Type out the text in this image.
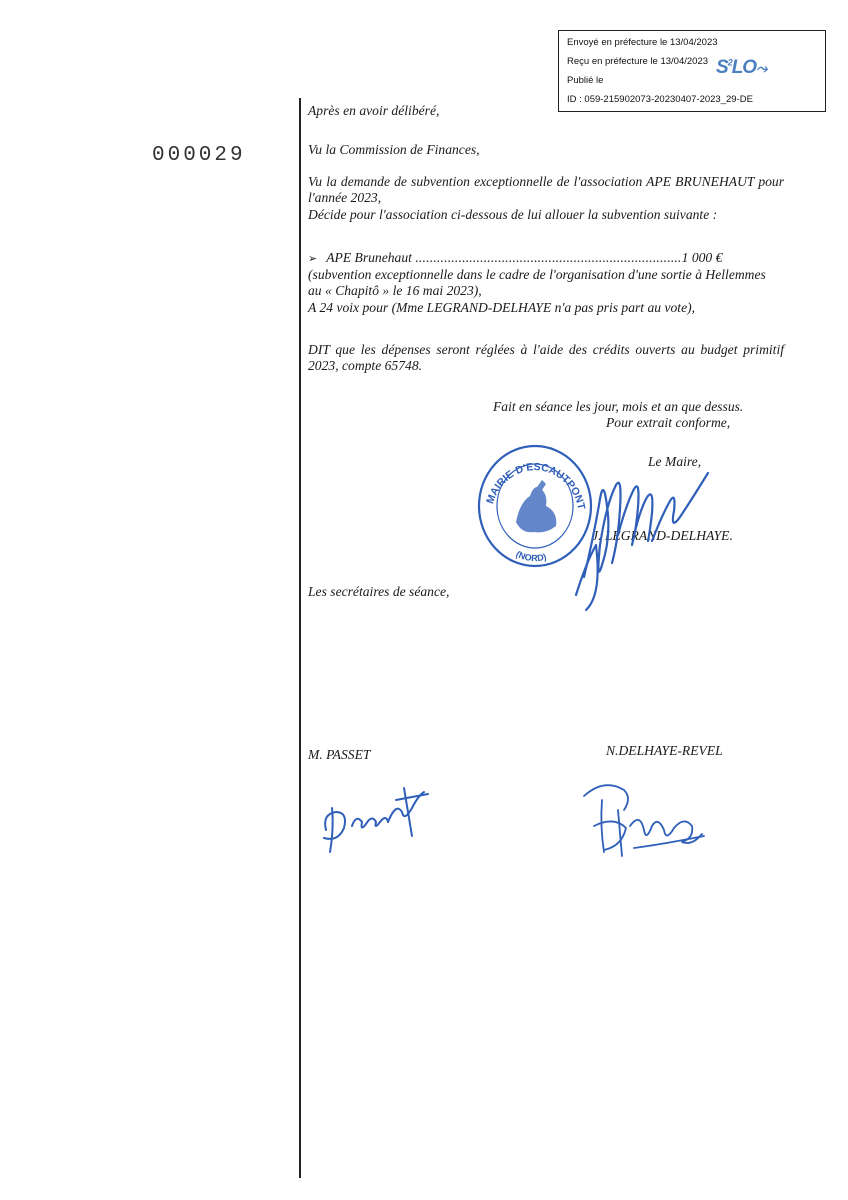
Envoyé en préfecture le 13/04/2023
Reçu en préfecture le 13/04/2023
Publié le
ID : 059-215902073-20230407-2023_29-DE
$S^2LO⤳$
000029
Après en avoir délibéré,
Vu la Commission de Finances,
Vu la demande de subvention exceptionnelle de l'association APE BRUNEHAUT pour l'année 2023,
Décide pour l'association ci-dessous de lui allouer la subvention suivante :
➢ APE Brunehaut ..........................................................................1 000 €
(subvention exceptionnelle dans le cadre de l'organisation d'une sortie à Hellemmes au « Chapitô » le 16 mai 2023),
A 24 voix pour (Mme LEGRAND-DELHAYE n'a pas pris part au vote),
DIT que les dépenses seront réglées à l'aide des crédits ouverts au budget primitif 2023, compte 65748.
Fait en séance les jour, mois et an que dessus.
Pour extrait conforme,
Le Maire,
J. LEGRAND-DELHAYE.
MAIRIE D'ESCAUTPONT
(NORD)
Les secrétaires de séance,
M. PASSET	N.DELHAYE-REVEL
